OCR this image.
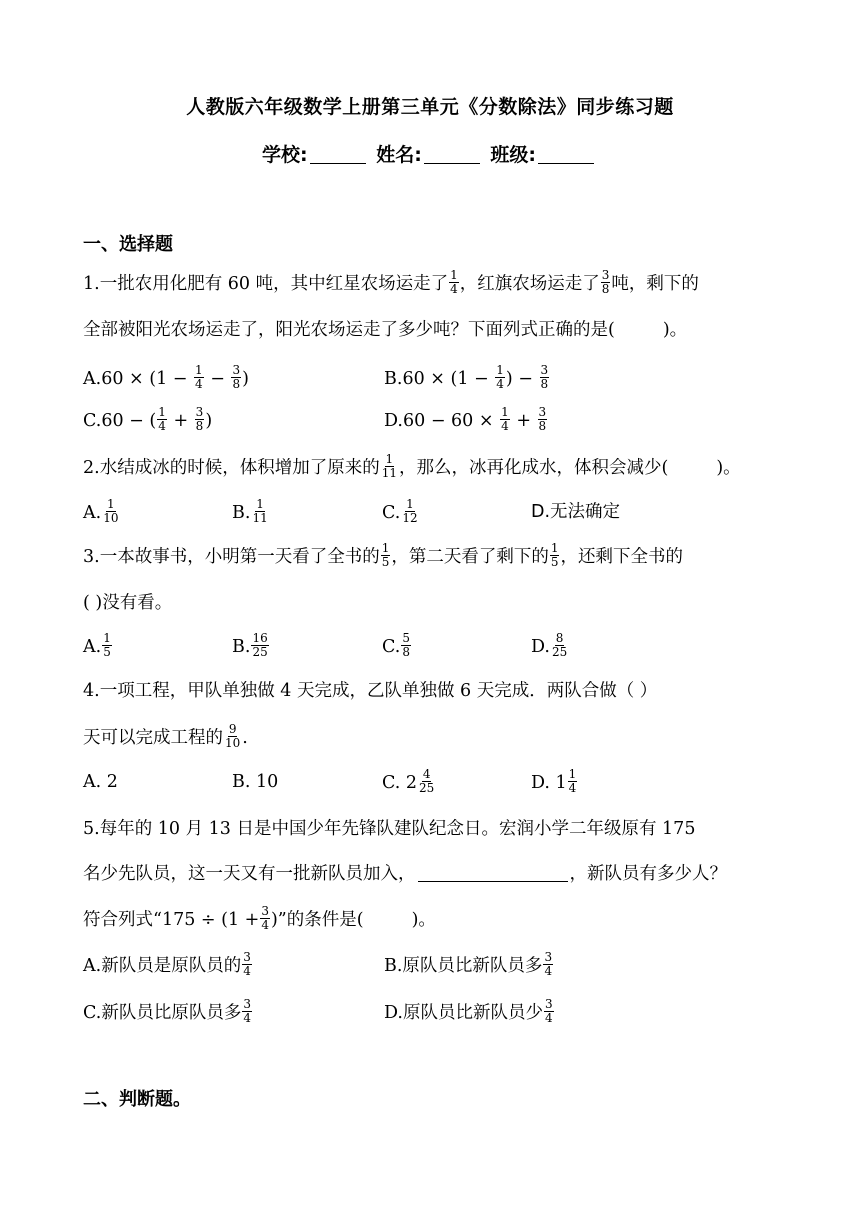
人教版六年级数学上册第三单元《分数除法》同步练习题
学校:	姓名:	班级:
一、选择题
1.一批农用化肥有 60 吨，其中红星农场运走了 $\frac{1}{4}$ ，红旗农场运走了 $\frac{3}{8}$ 吨，剩下的
全部被阳光农场运走了，阳光农场运走了多少吨？下面列式正确的是(	)。
$A.60 \times (1 - \frac{1}{4} - \frac{3}{8}$ )	$B.60 \times (1 - \frac{1}{4}$ ) − $\frac{3}{8}$
C.60 − ( $\frac{1}{4} + \frac{3}{8}$ )	$D.60 - 60 \times \frac{1}{4} + \frac{3}{8}$
2.水结成冰的时候，体积增加了原来的 $\frac{1}{11}$ ，那么，冰再化成水，体积会减少(	)。
A. $\frac{1}{10}$	B. $\frac{1}{11}$	C. $\frac{1}{12}$	D.无法确定
3.一本故事书，小明第一天看了全书的 $\frac{1}{5}$ ，第二天看了剩下的 $\frac{1}{5}$ ，还剩下全书的
( )没有看。
A. $\frac{1}{5}$	B. $\frac{16}{25}$	C. $\frac{5}{8}$	D. $\frac{8}{25}$
4.一项工程，甲队单独做 4 天完成，乙队单独做 6 天完成．两队合做（ ）
天可以完成工程的 $\frac{9}{10}$ .
A. 2	B. 10	C. $2 \frac{4}{25}$	D. $1 \frac{1}{4}$
5.每年的 10 月 13 日是中国少年先锋队建队纪念日。宏润小学二年级原有 175
名少先队员，这一天又有一批新队员加入，	，新队员有多少人？
符合列式“$175 \div (1 + \frac{3}{4}$ )”的条件是(	)。
A.新队员是原队员的 $\frac{3}{4}$	B.原队员比新队员多 $\frac{3}{4}$
C.新队员比原队员多 $\frac{3}{4}$	D.原队员比新队员少 $\frac{3}{4}$
二、判断题。
